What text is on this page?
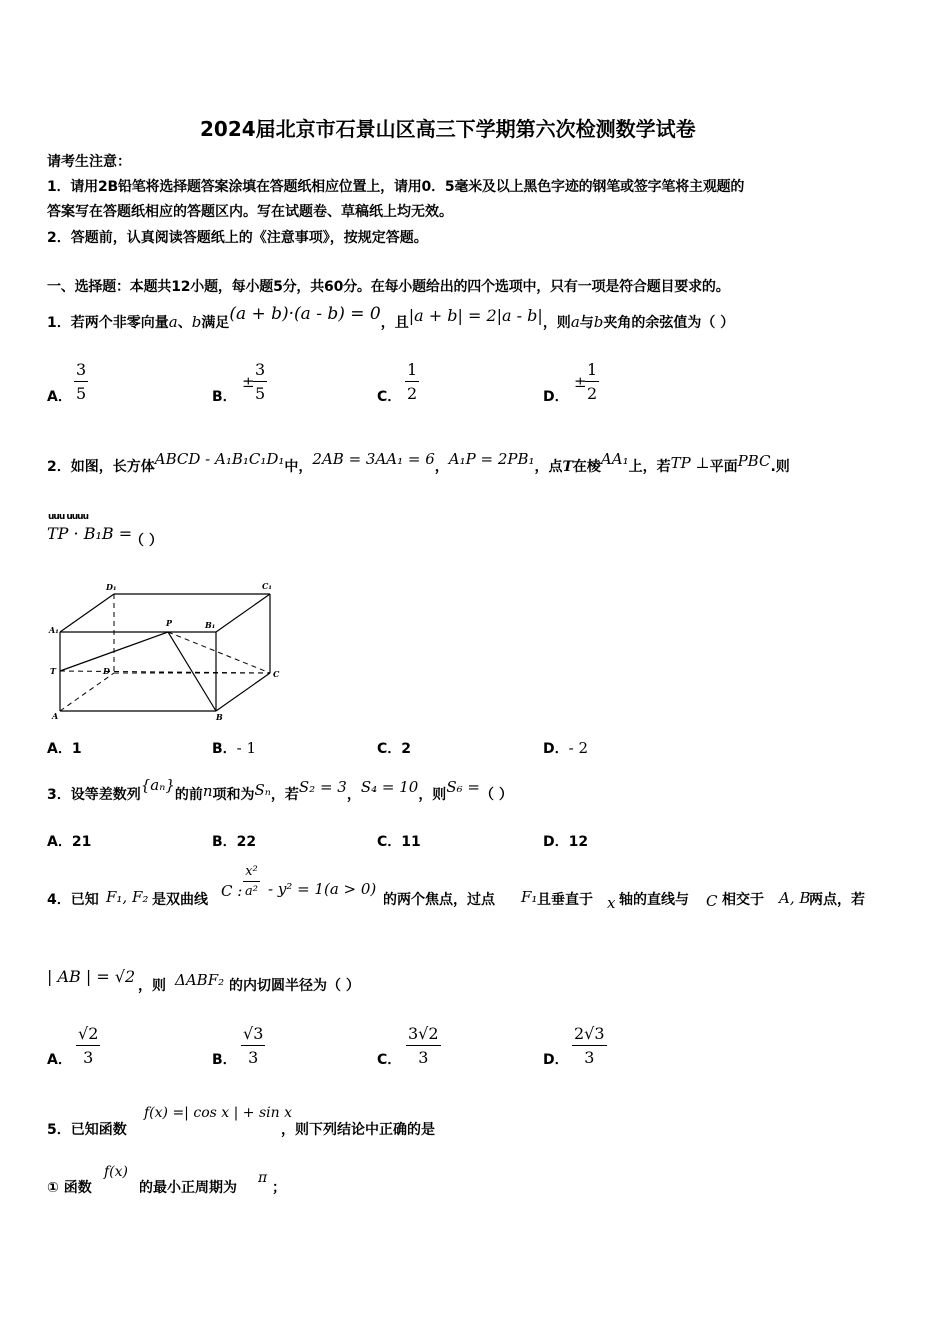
2024届北京市石景山区高三下学期第六次检测数学试卷
请考生注意：
1．请用2B铅笔将选择题答案涂填在答题纸相应位置上，请用0．5毫米及以上黑色字迹的钢笔或签字笔将主观题的
答案写在答题纸相应的答题区内。写在试题卷、草稿纸上均无效。
2．答题前，认真阅读答题纸上的《注意事项》，按规定答题。
一、选择题：本题共12小题，每小题5分，共60分。在每小题给出的四个选项中，只有一项是符合题目要求的。
1．若两个非零向量a、b满足(a + b)·(a - b) = 0，且|a + b| = 2|a - b|，则a与b夹角的余弦值为（ ）
A．
3
5	B．
±
3
5	C．
1
2	D．
±
1
2
2．如图，长方体ABCD - A₁B₁C₁D₁中，2AB = 3AA₁ = 6，A₁P = 2PB₁，点T在棱AA₁上，若TP ⊥平面PBC.则
uuu uuuu
TP · B₁B =
（ ）
D₁	C₁
A₁
P	B₁
T	D	C
A	B
A．1	B．- 1	C．2	D．- 2
3．设等差数列{aₙ}的前n项和为Sₙ，若S₂ = 3，S₄ = 10，则S₆ =（ ）
A．21	B．22	C．11	D．12
4．已知 F₁, F₂ 是双曲线 C :
x²
a² - y² = 1(a > 0)
的两个焦点，过点 F₁ 且垂直于 x 轴的直线与 C 相交于 A, B
两点，若
| AB | = √2 ，则 ΔABF₂ 的内切圆半径为（ ）
A．
√2
3	B．
√3
3	C．
3√2
3	D．
2√3
3
5．已知函数
f(x) =| cos x | + sin x
，则下列结论中正确的是
① 函数
f(x)
的最小正周期为
π
；
